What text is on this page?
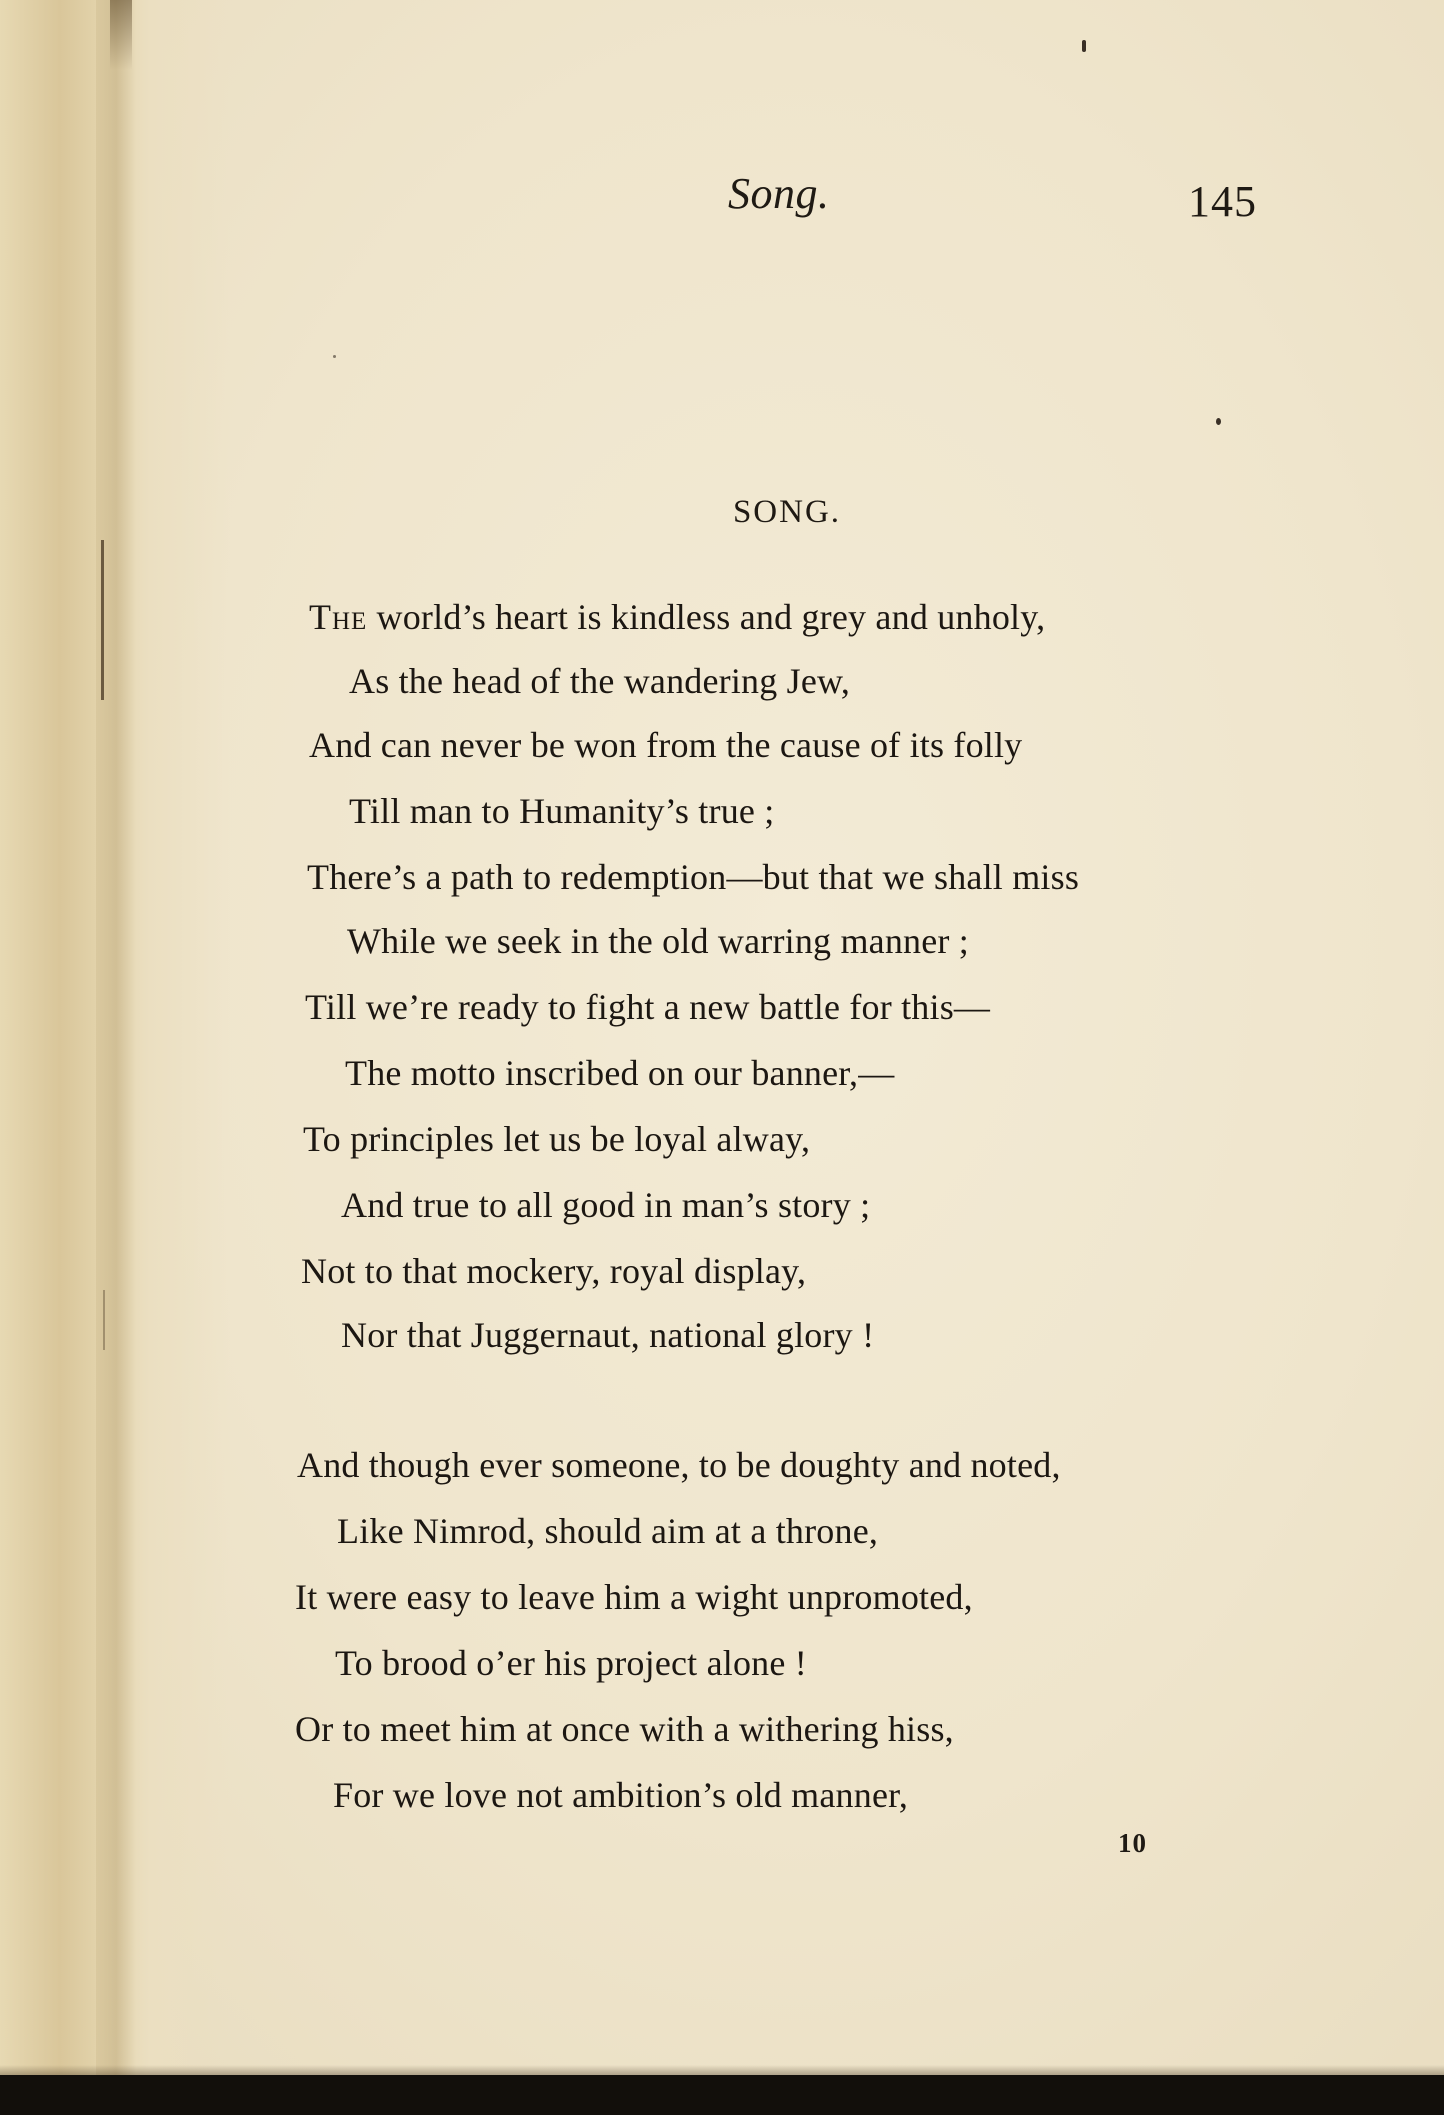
Song.	145
SONG.
The world’s heart is kindless and grey and unholy,
As the head of the wandering Jew,
And can never be won from the cause of its folly
Till man to Humanity’s true ;
There’s a path to redemption—but that we shall miss
While we seek in the old warring manner ;
Till we’re ready to fight a new battle for this—
The motto inscribed on our banner,—
To principles let us be loyal alway,
And true to all good in man’s story ;
Not to that mockery, royal display,
Nor that Juggernaut, national glory !
And though ever someone, to be doughty and noted,
Like Nimrod, should aim at a throne,
It were easy to leave him a wight unpromoted,
To brood o’er his project alone !
Or to meet him at once with a withering hiss,
For we love not ambition’s old manner,
10
